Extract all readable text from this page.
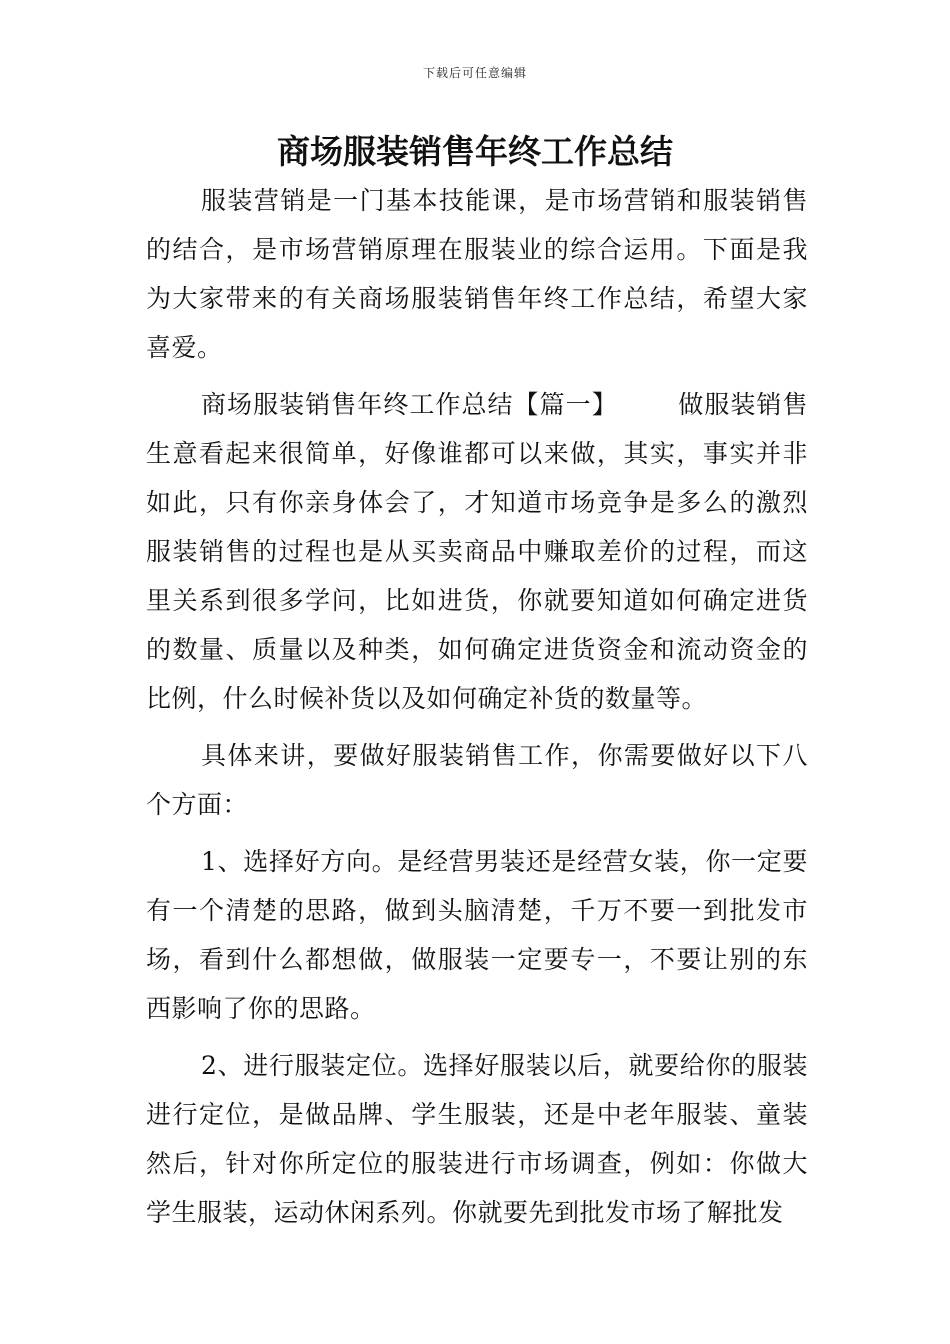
下载后可任意编辑
商场服装销售年终工作总结

服装营销是一门基本技能课，是市场营销和服装销售的结合，是市场营销原理在服装业的综合运用。下面是我为大家带来的有关商场服装销售年终工作总结，希望大家喜爱。

商场服装销售年终工作总结【篇一】 做服装销售生意看起来很简单，好像谁都可以来做，其实，事实并非如此，只有你亲身体会了，才知道市场竞争是多么的激烈服装销售的过程也是从买卖商品中赚取差价的过程，而这里关系到很多学问，比如进货，你就要知道如何确定进货的数量、质量以及种类，如何确定进货资金和流动资金的比例，什么时候补货以及如何确定补货的数量等。

具体来讲，要做好服装销售工作，你需要做好以下八个方面：

1、选择好方向。是经营男装还是经营女装，你一定要有一个清楚的思路，做到头脑清楚，千万不要一到批发市场，看到什么都想做，做服装一定要专一，不要让别的东西影响了你的思路。

2、进行服装定位。选择好服装以后，就要给你的服装进行定位，是做品牌、学生服装，还是中老年服装、童装然后，针对你所定位的服装进行市场调查，例如：你做大学生服装，运动休闲系列。你就要先到批发市场了解批发
